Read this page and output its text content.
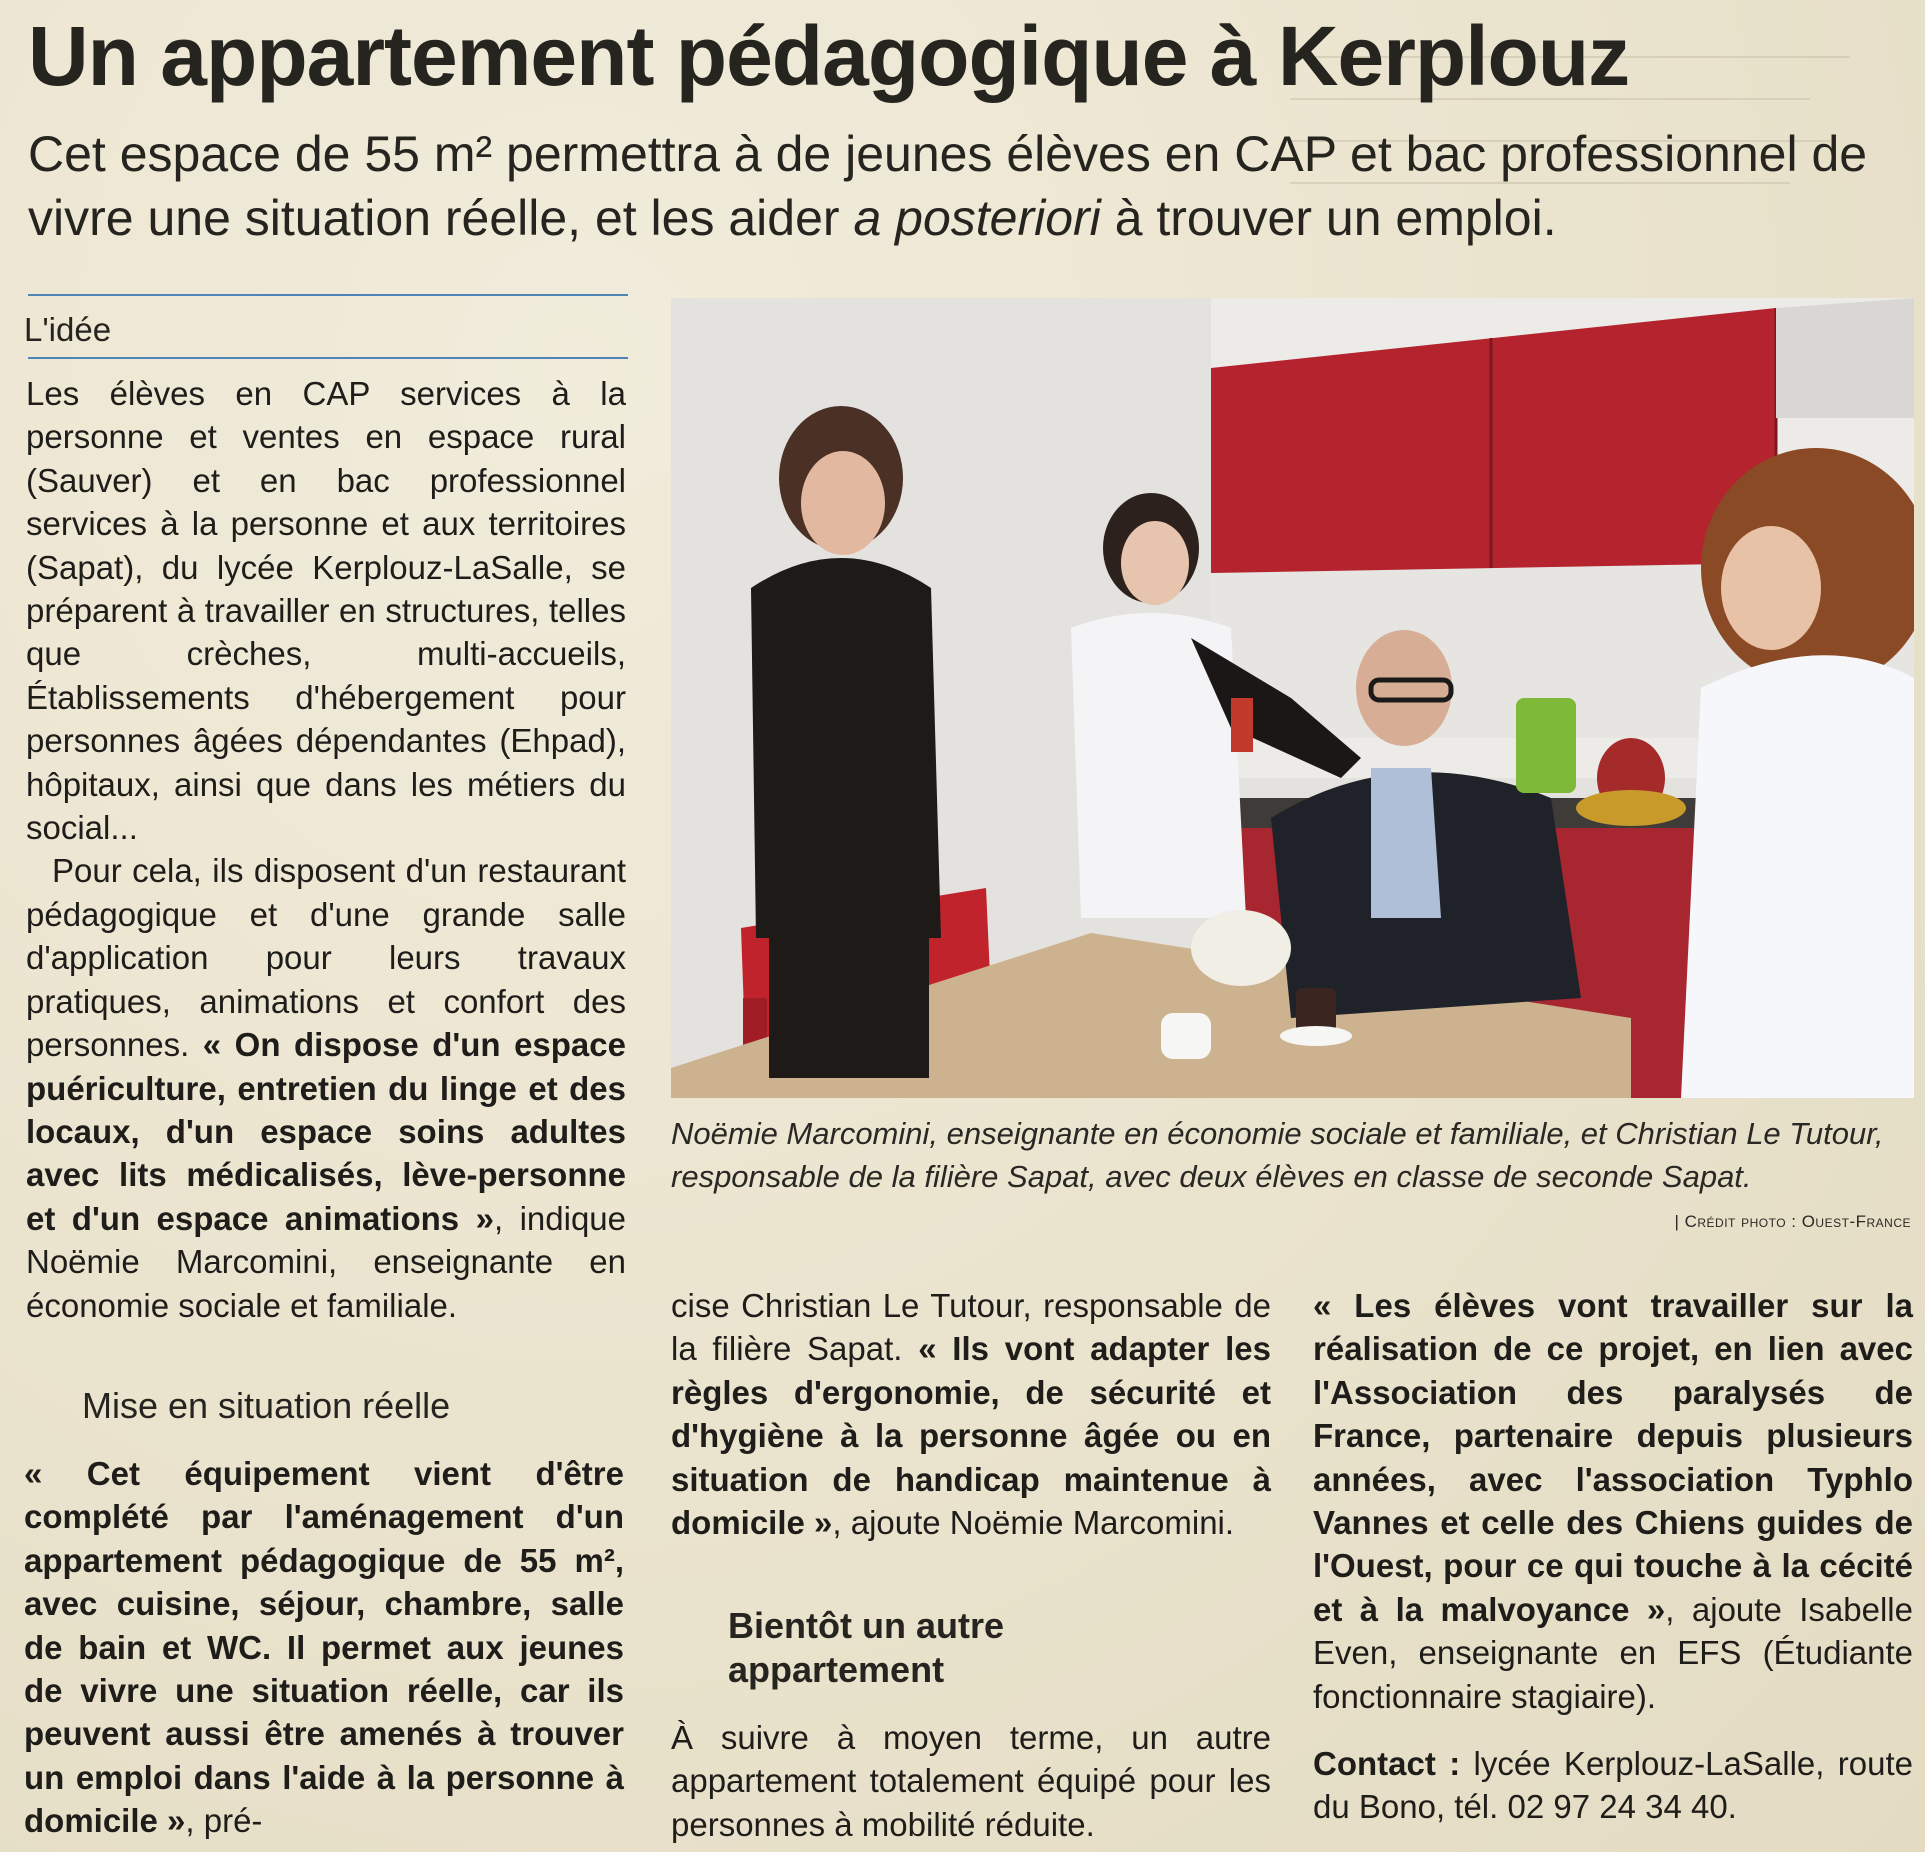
Un appartement pédagogique à Kerplouz
Cet espace de 55 m² permettra à de jeunes élèves en CAP et bac professionnel de vivre une situation réelle, et les aider a posteriori à trouver un emploi.
L'idée

Les élèves en CAP services à la personne et ventes en espace rural (Sauver) et en bac professionnel services à la personne et aux territoires (Sapat), du lycée Kerplouz-LaSalle, se préparent à travailler en structures, telles que crèches, multi-accueils, Établissements d'hébergement pour personnes âgées dépendantes (Ehpad), hôpitaux, ainsi que dans les métiers du social...

Pour cela, ils disposent d'un restaurant pédagogique et d'une grande salle d'application pour leurs travaux pratiques, animations et confort des personnes. « On dispose d'un espace puériculture, entretien du linge et des locaux, d'un espace soins adultes avec lits médicalisés, lève-personne et d'un espace animations », indique Noëmie Marcomini, enseignante en économie sociale et familiale.

Mise en situation réelle

« Cet équipement vient d'être complété par l'aménagement d'un appartement pédagogique de 55 m², avec cuisine, séjour, chambre, salle de bain et WC. Il permet aux jeunes de vivre une situation réelle, car ils peuvent aussi être amenés à trouver un emploi dans l'aide à la personne à domicile », pré-

Noëmie Marcomini, enseignante en économie sociale et familiale, et Christian Le Tutour, responsable de la filière Sapat, avec deux élèves en classe de seconde Sapat.
| Crédit photo : Ouest-France

cise Christian Le Tutour, responsable de la filière Sapat. « Ils vont adapter les règles d'ergonomie, de sécurité et d'hygiène à la personne âgée ou en situation de handicap maintenue à domicile », ajoute Noëmie Marcomini.

Bientôt un autre
appartement

À suivre à moyen terme, un autre appartement totalement équipé pour les personnes à mobilité réduite.

« Les élèves vont travailler sur la réalisation de ce projet, en lien avec l'Association des paralysés de France, partenaire depuis plusieurs années, avec l'association Typhlo Vannes et celle des Chiens guides de l'Ouest, pour ce qui touche à la cécité et à la malvoyance », ajoute Isabelle Even, enseignante en EFS (Étudiante fonctionnaire stagiaire).

Contact : lycée Kerplouz-LaSalle, route du Bono, tél. 02 97 24 34 40.
